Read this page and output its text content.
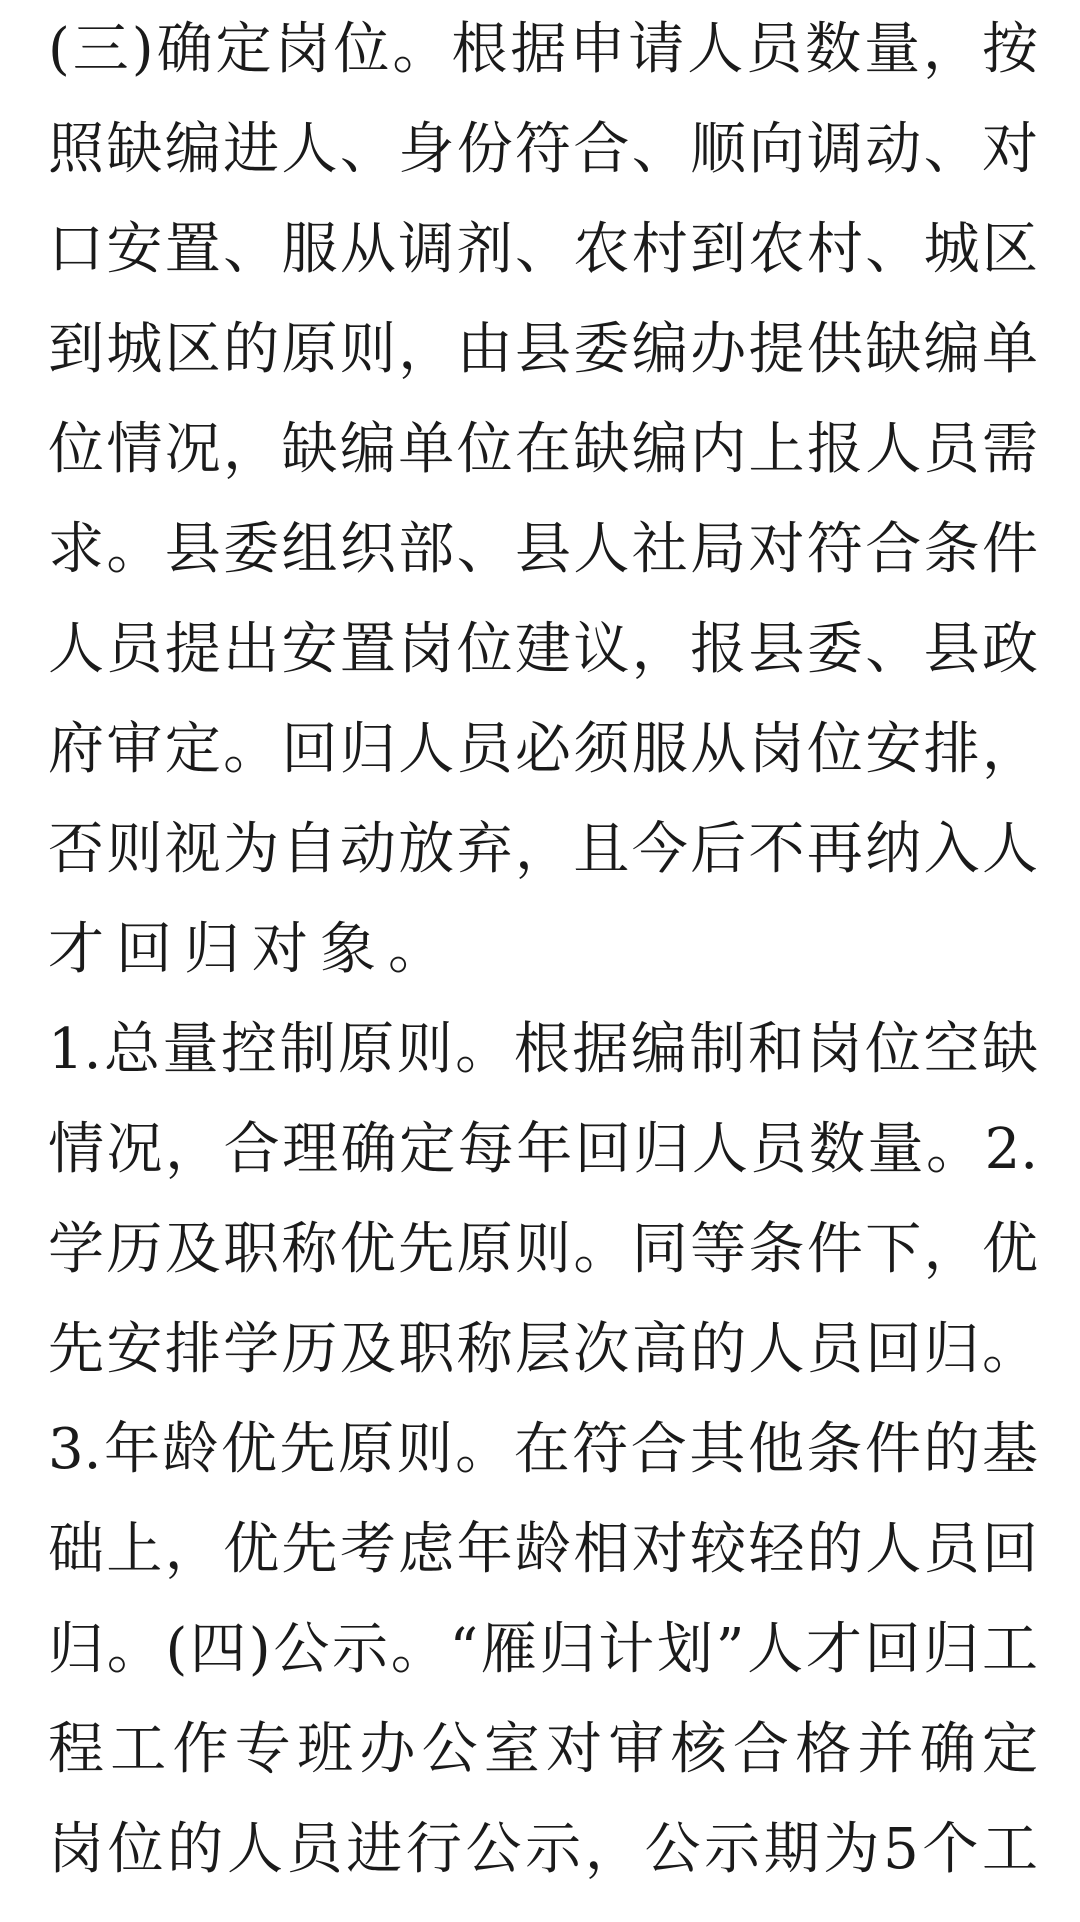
(三)确定岗位。根据申请人员数量，按
照缺编进人、身份符合、顺向调动、对
口安置、服从调剂、农村到农村、城区
到城区的原则，由县委编办提供缺编单
位情况，缺编单位在缺编内上报人员需
求。县委组织部、县人社局对符合条件
人员提出安置岗位建议，报县委、县政
府审定。回归人员必须服从岗位安排，
否则视为自动放弃，且今后不再纳入人
才回归对象。
1.总量控制原则。根据编制和岗位空缺
情况，合理确定每年回归人员数量。2.
学历及职称优先原则。同等条件下，优
先安排学历及职称层次高的人员回归。
3.年龄优先原则。在符合其他条件的基
础上，优先考虑年龄相对较轻的人员回
归。(四)公示。“雁归计划”人才回归工
程工作专班办公室对审核合格并确定
岗位的人员进行公示，公示期为5个工
